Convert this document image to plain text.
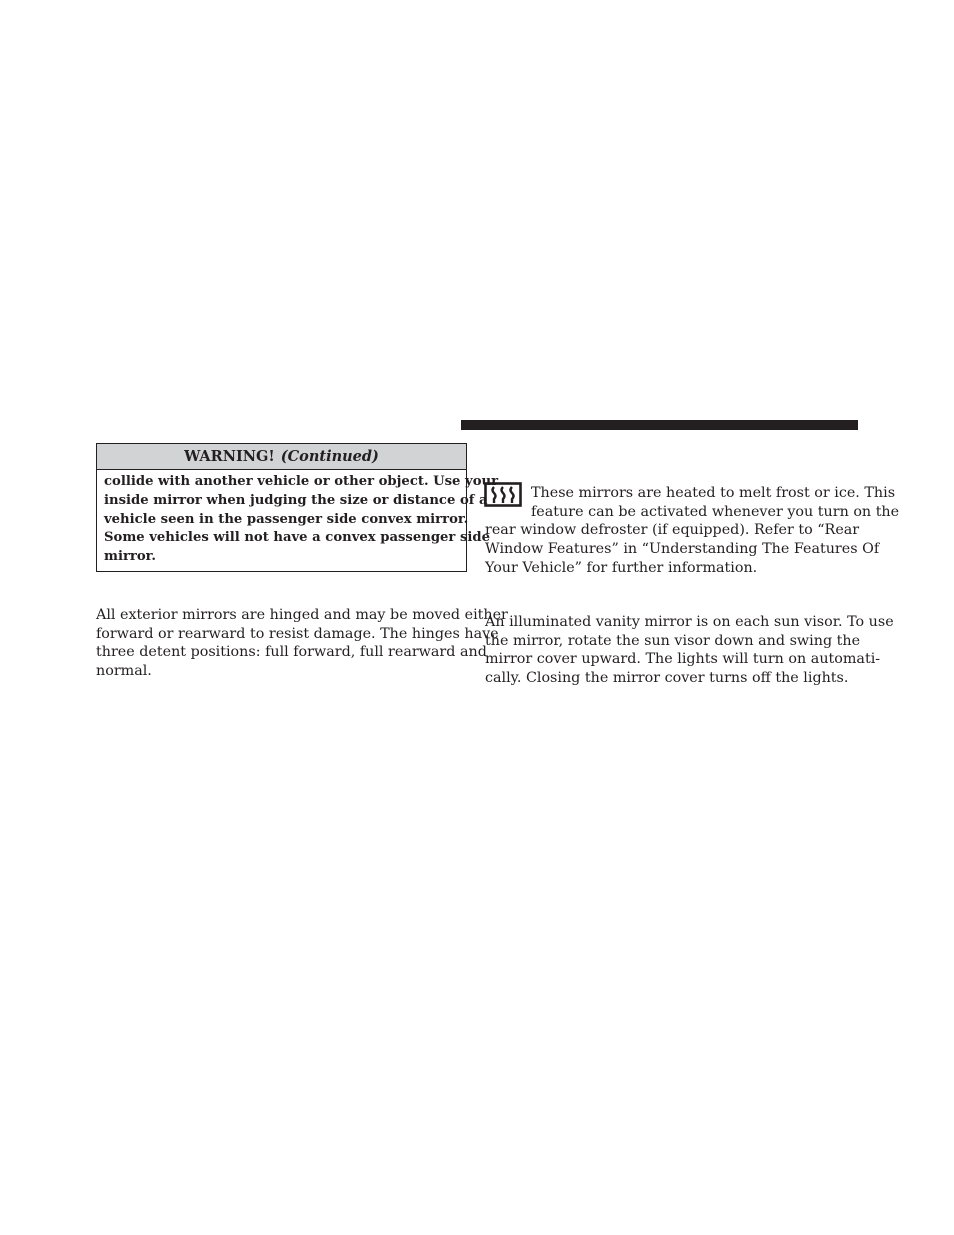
WARNING! (Continued)
collide with another vehicle or other object. Use your
inside mirror when judging the size or distance of a
vehicle seen in the passenger side convex mirror.
Some vehicles will not have a convex passenger side
mirror.
All exterior mirrors are hinged and may be moved either
forward or rearward to resist damage. The hinges have
three detent positions: full forward, full rearward and
normal.
These mirrors are heated to melt frost or ice. This
feature can be activated whenever you turn on the
rear window defroster (if equipped). Refer to “Rear
Window Features” in “Understanding The Features Of
Your Vehicle” for further information.
An illuminated vanity mirror is on each sun visor. To use
the mirror, rotate the sun visor down and swing the
mirror cover upward. The lights will turn on automati-
cally. Closing the mirror cover turns off the lights.
